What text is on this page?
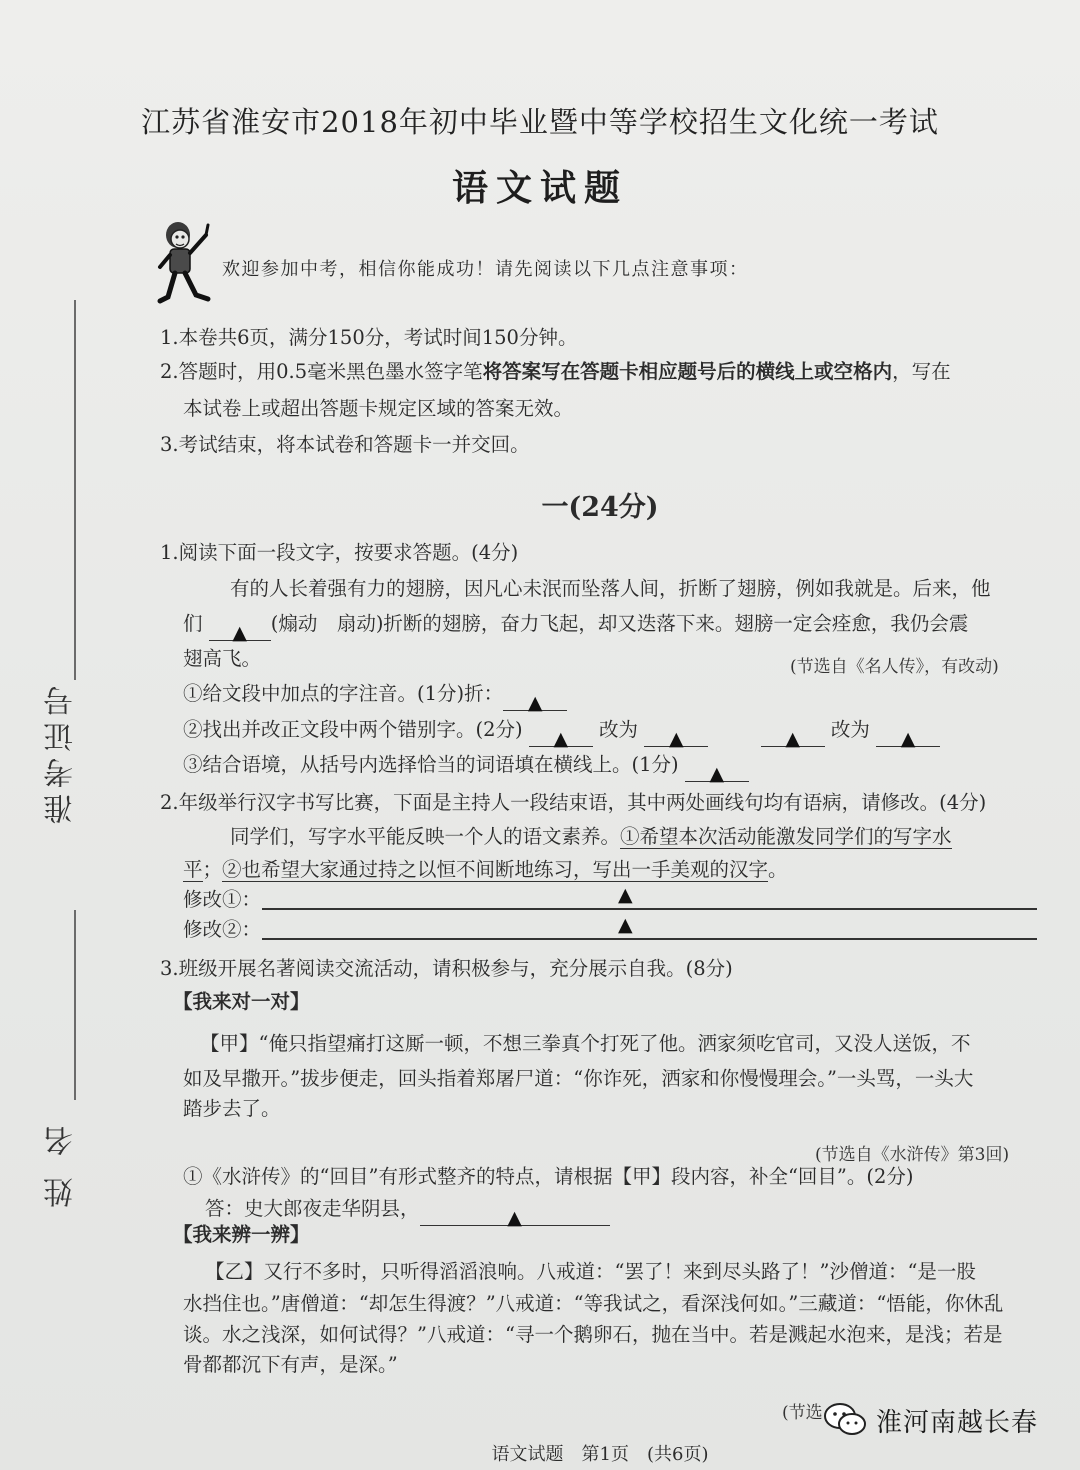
准考证号
姓 名
江苏省淮安市2018年初中毕业暨中等学校招生文化统一考试
语文试题
欢迎参加中考，相信你能成功！请先阅读以下几点注意事项：
1.本卷共6页，满分150分，考试时间150分钟。
2.答题时，用0.5毫米黑色墨水签字笔将答案写在答题卡相应题号后的横线上或空格内，写在
本试卷上或超出答题卡规定区域的答案无效。
3.考试结束，将本试卷和答题卡一并交回。
一(24分)
1.阅读下面一段文字，按要求答题。(4分)
有的人长着强有力的翅膀，因凡心未泯而坠落人间，折断了翅膀，例如我就是。后来，他
们 ▲ (煽动　扇动)折断的翅膀，奋力飞起，却又迭落下来。翅膀一定会痊愈，我仍会震
翅高飞。	(节选自《名人传》，有改动)
①给文段中加点的字注音。(1分)折： ▲
②找出并改正文段中两个错别字。(2分) ▲ 改为 ▲	▲ 改为 ▲
③结合语境，从括号内选择恰当的词语填在横线上。(1分) ▲
2.年级举行汉字书写比赛，下面是主持人一段结束语，其中两处画线句均有语病，请修改。(4分)
同学们，写字水平能反映一个人的语文素养。①希望本次活动能激发同学们的写字水
平；②也希望大家通过持之以恒不间断地练习，写出一手美观的汉字。
修改①：	▲
修改②：	▲
3.班级开展名著阅读交流活动，请积极参与，充分展示自我。(8分)
【我来对一对】
【甲】“俺只指望痛打这厮一顿，不想三拳真个打死了他。洒家须吃官司，又没人送饭，不
如及早撒开。”拔步便走，回头指着郑屠尸道：“你诈死，洒家和你慢慢理会。”一头骂，一头大
踏步去了。
(节选自《水浒传》第3回)
①《水浒传》的“回目”有形式整齐的特点，请根据【甲】段内容，补全“回目”。(2分)
答：史大郎夜走华阴县，	▲
【我来辨一辨】
【乙】又行不多时，只听得滔滔浪响。八戒道：“罢了！来到尽头路了！”沙僧道：“是一股
水挡住也。”唐僧道：“却怎生得渡？”八戒道：“等我试之，看深浅何如。”三藏道：“悟能，你休乱
谈。水之浅深，如何试得？”八戒道：“寻一个鹅卵石，抛在当中。若是溅起水泡来，是浅；若是
骨都都沉下有声，是深。”
(节选
语文试题　第1页　(共6页)
淮河南越长春
